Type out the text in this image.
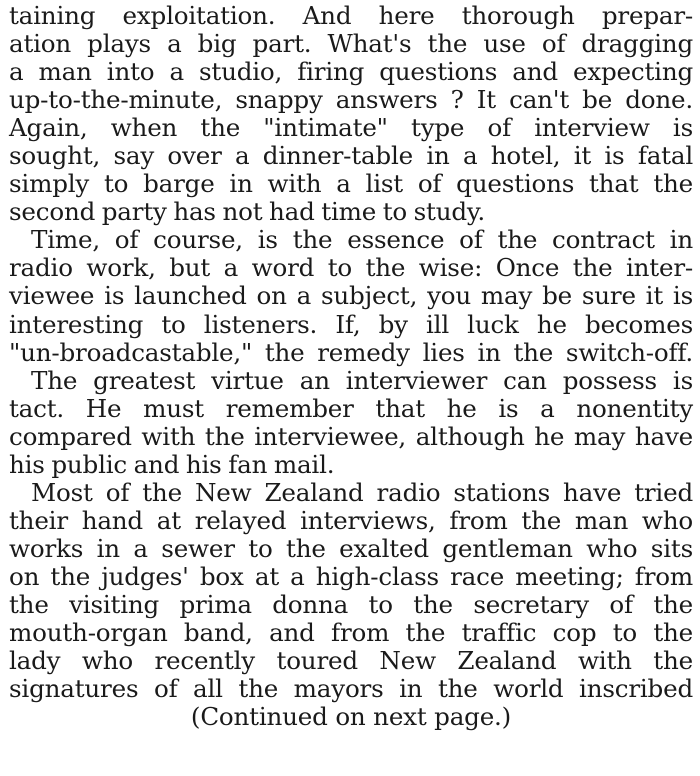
taining exploitation. And here thorough prepar-
ation plays a big part. What's the use of dragging
a man into a studio, firing questions and expecting
up-to-the-minute, snappy answers ? It can't be done.
Again, when the "intimate" type of interview is
sought, say over a dinner-table in a hotel, it is fatal
simply to barge in with a list of questions that the
second party has not had time to study.
Time, of course, is the essence of the contract in
radio work, but a word to the wise: Once the inter-
viewee is launched on a subject, you may be sure it is
interesting to listeners. If, by ill luck he becomes
"un-broadcastable," the remedy lies in the switch-off.
The greatest virtue an interviewer can possess is
tact. He must remember that he is a nonentity
compared with the interviewee, although he may have
his public and his fan mail.
Most of the New Zealand radio stations have tried
their hand at relayed interviews, from the man who
works in a sewer to the exalted gentleman who sits
on the judges' box at a high-class race meeting; from
the visiting prima donna to the secretary of the
mouth-organ band, and from the traffic cop to the
lady who recently toured New Zealand with the
signatures of all the mayors in the world inscribed
(Continued on next page.)
